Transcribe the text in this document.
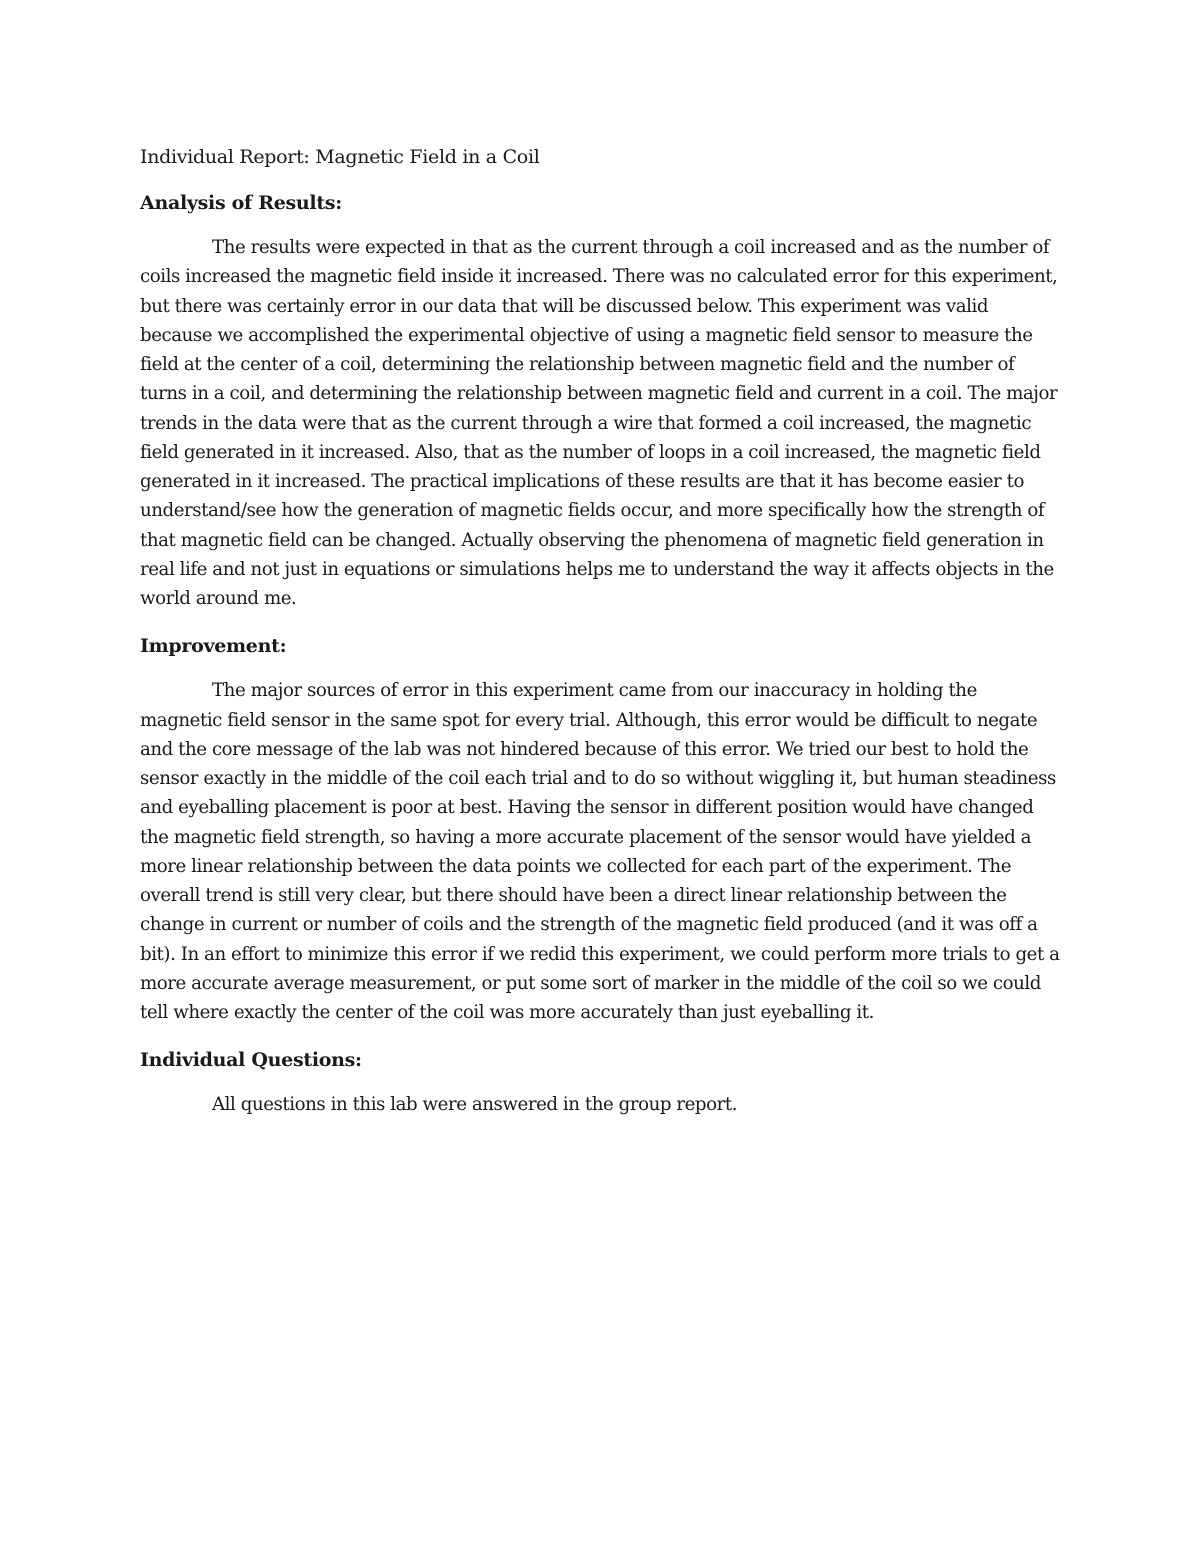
Individual Report: Magnetic Field in a Coil
Analysis of Results:

The results were expected in that as the current through a coil increased and as the number of coils increased the magnetic field inside it increased. There was no calculated error for this experiment, but there was certainly error in our data that will be discussed below. This experiment was valid because we accomplished the experimental objective of using a magnetic field sensor to measure the field at the center of a coil, determining the relationship between magnetic field and the number of turns in a coil, and determining the relationship between magnetic field and current in a coil. The major trends in the data were that as the current through a wire that formed a coil increased, the magnetic field generated in it increased. Also, that as the number of loops in a coil increased, the magnetic field generated in it increased. The practical implications of these results are that it has become easier to understand/see how the generation of magnetic fields occur, and more specifically how the strength of that magnetic field can be changed. Actually observing the phenomena of magnetic field generation in real life and not just in equations or simulations helps me to understand the way it affects objects in the world around me.

Improvement:

The major sources of error in this experiment came from our inaccuracy in holding the magnetic field sensor in the same spot for every trial. Although, this error would be difficult to negate and the core message of the lab was not hindered because of this error. We tried our best to hold the sensor exactly in the middle of the coil each trial and to do so without wiggling it, but human steadiness and eyeballing placement is poor at best. Having the sensor in different position would have changed the magnetic field strength, so having a more accurate placement of the sensor would have yielded a more linear relationship between the data points we collected for each part of the experiment. The overall trend is still very clear, but there should have been a direct linear relationship between the change in current or number of coils and the strength of the magnetic field produced (and it was off a bit). In an effort to minimize this error if we redid this experiment, we could perform more trials to get a more accurate average measurement, or put some sort of marker in the middle of the coil so we could tell where exactly the center of the coil was more accurately than just eyeballing it.

Individual Questions:

All questions in this lab were answered in the group report.
